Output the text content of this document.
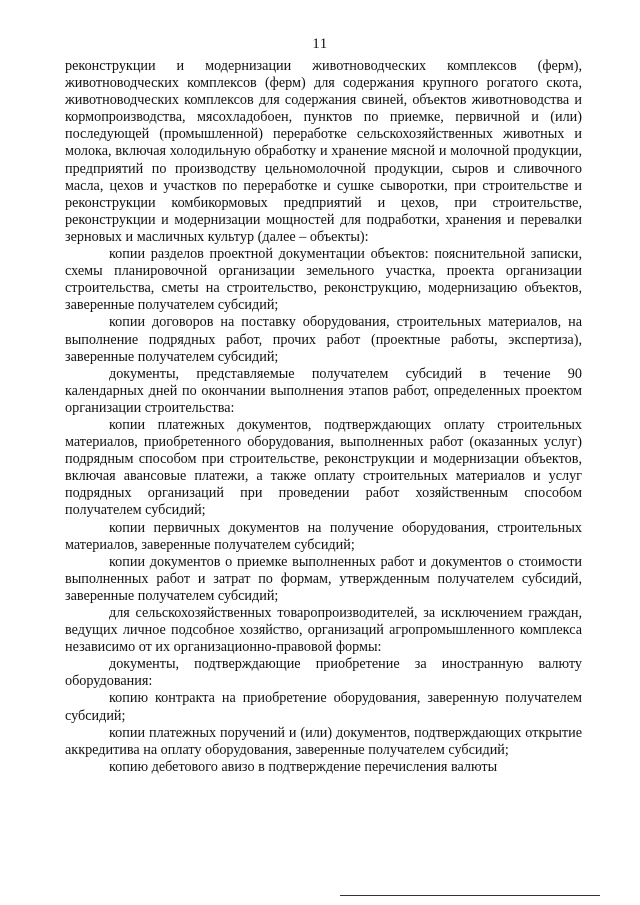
11

реконструкции и модернизации животноводческих комплексов (ферм), животноводческих комплексов (ферм) для содержания крупного рогатого скота, животноводческих комплексов для содержания свиней, объектов животноводства и кормопроизводства, мясохладобоен, пунктов по приемке, первичной и (или) последующей (промышленной) переработке сельскохозяйственных животных и молока, включая холодильную обработку и хранение мясной и молочной продукции, предприятий по производству цельномолочной продукции, сыров и сливочного масла, цехов и участков по переработке и сушке сыворотки, при строительстве и реконструкции комбикормовых предприятий и цехов, при строительстве, реконструкции и модернизации мощностей для подработки, хранения и перевалки зерновых и масличных культур (далее – объекты):

копии разделов проектной документации объектов: пояснительной записки, схемы планировочной организации земельного участка, проекта организации строительства, сметы на строительство, реконструкцию, модернизацию объектов, заверенные получателем субсидий;

копии договоров на поставку оборудования, строительных материалов, на выполнение подрядных работ, прочих работ (проектные работы, экспертиза), заверенные получателем субсидий;

документы, представляемые получателем субсидий в течение 90 календарных дней по окончании выполнения этапов работ, определенных проектом организации строительства:

копии платежных документов, подтверждающих оплату строительных материалов, приобретенного оборудования, выполненных работ (оказанных услуг) подрядным способом при строительстве, реконструкции и модернизации объектов, включая авансовые платежи, а также оплату строительных материалов и услуг подрядных организаций при проведении работ хозяйственным способом получателем субсидий;

копии первичных документов на получение оборудования, строительных материалов, заверенные получателем субсидий;

копии документов о приемке выполненных работ и документов о стоимости выполненных работ и затрат по формам, утвержденным получателем субсидий, заверенные получателем субсидий;

для сельскохозяйственных товаропроизводителей, за исключением граждан, ведущих личное подсобное хозяйство, организаций агропромышленного комплекса независимо от их организационно-правовой формы:

документы, подтверждающие приобретение за иностранную валюту оборудования:

копию контракта на приобретение оборудования, заверенную получателем субсидий;

копии платежных поручений и (или) документов, подтверждающих открытие аккредитива на оплату оборудования, заверенные получателем субсидий;

копию дебетового авизо в подтверждение перечисления валюты
